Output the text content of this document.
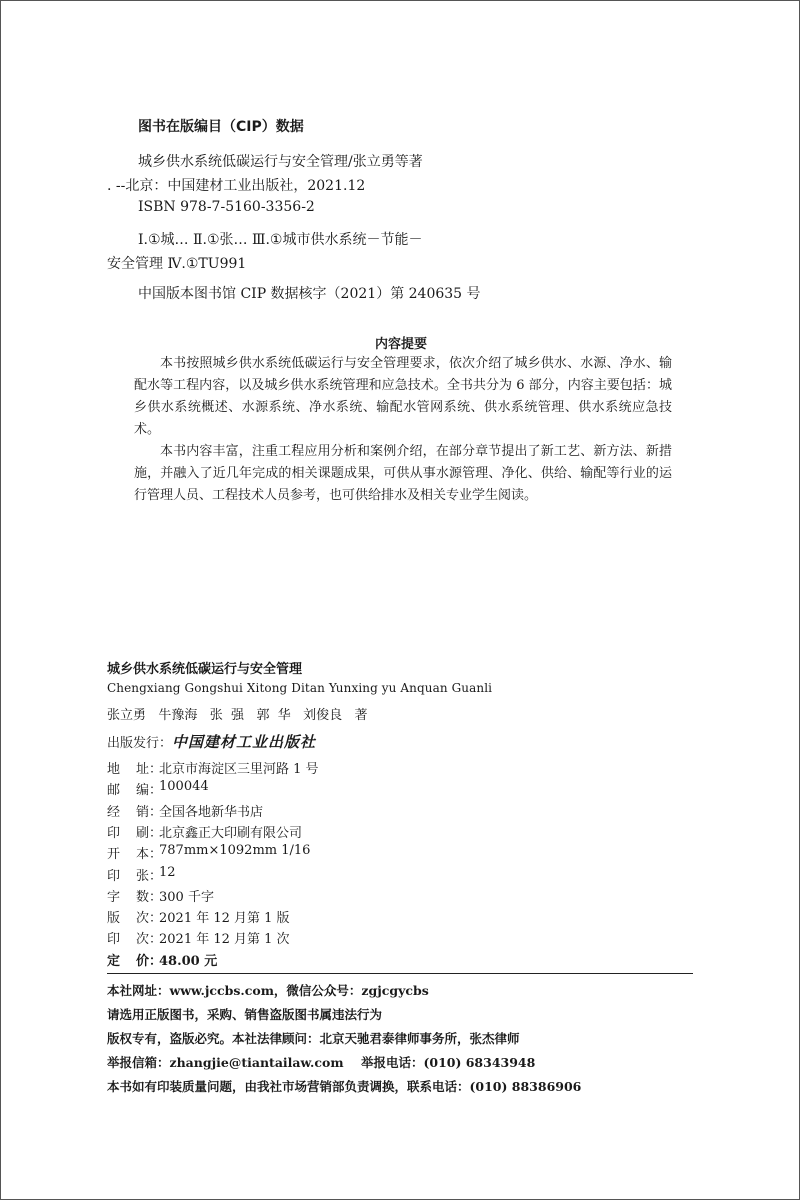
图书在版编目（CIP）数据
城乡供水系统低碳运行与安全管理/张立勇等著
. --北京：中国建材工业出版社，2021.12
ISBN 978-7-5160-3356-2
Ⅰ.①城… Ⅱ.①张… Ⅲ.①城市供水系统－节能－
安全管理 Ⅳ.①TU991
中国版本图书馆 CIP 数据核字（2021）第 240635 号
内容提要

本书按照城乡供水系统低碳运行与安全管理要求，依次介绍了城乡供水、水源、净水、输配水等工程内容，以及城乡供水系统管理和应急技术。全书共分为 6 部分，内容主要包括：城乡供水系统概述、水源系统、净水系统、输配水管网系统、供水系统管理、供水系统应急技术。

本书内容丰富，注重工程应用分析和案例介绍，在部分章节提出了新工艺、新方法、新措施，并融入了近几年完成的相关课题成果，可供从事水源管理、净化、供给、输配等行业的运行管理人员、工程技术人员参考，也可供给排水及相关专业学生阅读。

城乡供水系统低碳运行与安全管理
Chengxiang Gongshui Xitong Ditan Yunxing yu Anquan Guanli
张立勇   牛豫海   张  强   郭  华   刘俊良   著
出版发行： 中国建材工业出版社
地 址 ：
北京市海淀区三里河路 1 号
邮 编 ：
100044
经 销 ：
全国各地新华书店
印 刷 ：
北京鑫正大印刷有限公司
开 本 ：
787mm×1092mm 1/16
印 张 ：
12
字 数 ：
300 千字
版 次 ：
2021 年 12 月第 1 版
印 次 ：
2021 年 12 月第 1 次
定 价 ：
48.00 元
本社网址：www.jccbs.com，微信公众号：zgjcgycbs
请选用正版图书，采购、销售盗版图书属违法行为
版权专有，盗版必究。本社法律顾问：北京天驰君泰律师事务所，张杰律师
举报信箱：zhangjie@tiantailaw.com    举报电话：(010) 68343948
本书如有印装质量问题，由我社市场营销部负责调换，联系电话：(010) 88386906
